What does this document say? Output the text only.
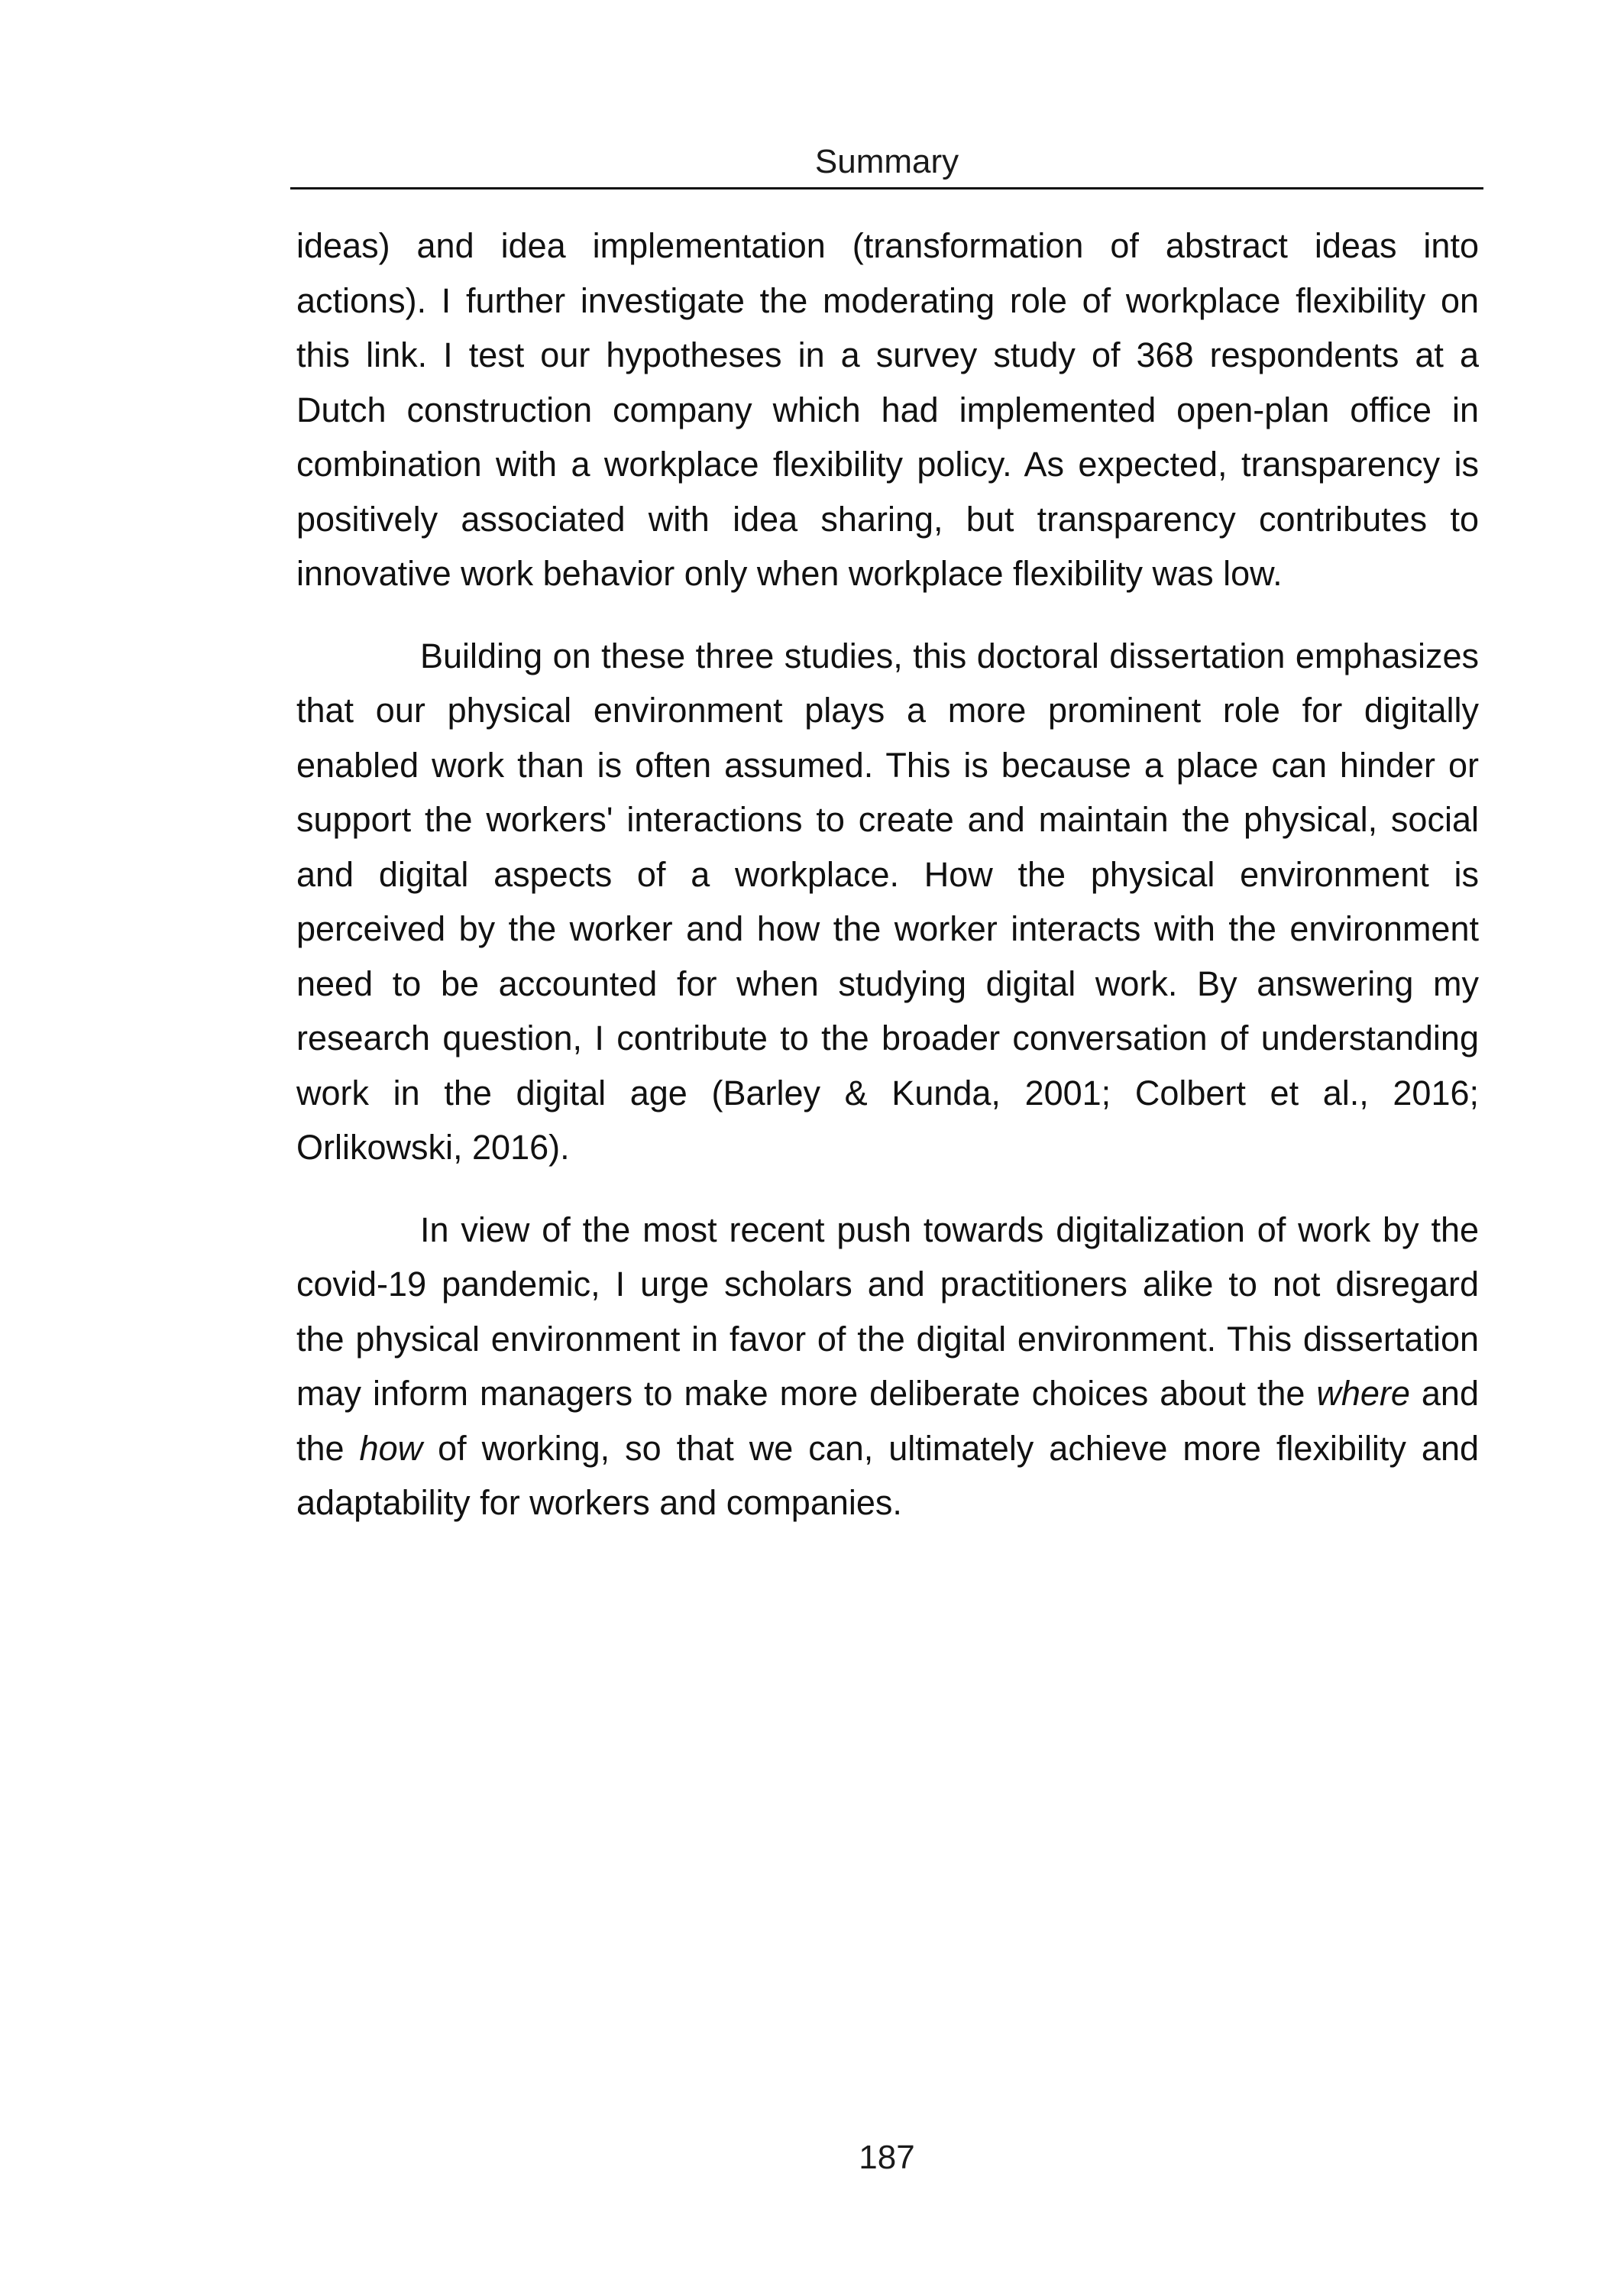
Summary

ideas) and idea implementation (transformation of abstract ideas into actions). I further investigate the moderating role of workplace flexibility on this link. I test our hypotheses in a survey study of 368 respondents at a Dutch construction company which had implemented open-plan office in combination with a workplace flexibility policy. As expected, transparency is positively associated with idea sharing, but transparency contributes to innovative work behavior only when workplace flexibility was low.

Building on these three studies, this doctoral dissertation emphasizes that our physical environment plays a more prominent role for digitally enabled work than is often assumed. This is because a place can hinder or support the workers' interactions to create and maintain the physical, social and digital aspects of a workplace. How the physical environment is perceived by the worker and how the worker interacts with the environment need to be accounted for when studying digital work. By answering my research question, I contribute to the broader conversation of understanding work in the digital age (Barley & Kunda, 2001; Colbert et al., 2016; Orlikowski, 2016).

In view of the most recent push towards digitalization of work by the covid-19 pandemic, I urge scholars and practitioners alike to not disregard the physical environment in favor of the digital environment. This dissertation may inform managers to make more deliberate choices about the where and the how of working, so that we can, ultimately achieve more flexibility and adaptability for workers and companies.

187
